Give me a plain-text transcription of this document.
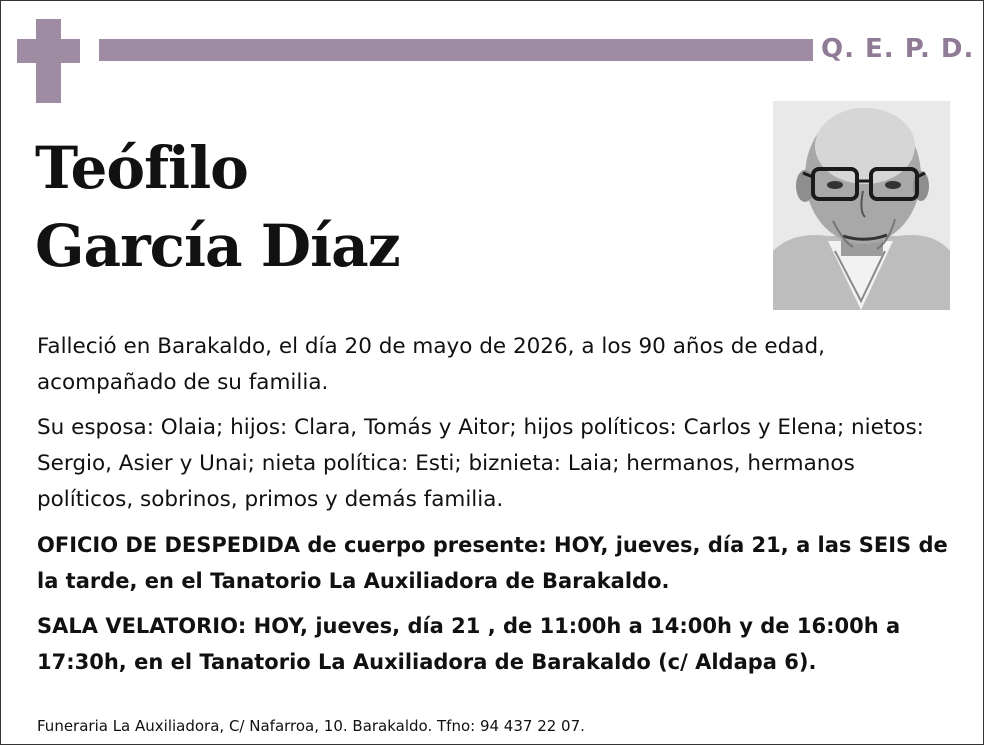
Q. E. P. D.
Teófilo
García Díaz

Falleció en Barakaldo, el día 20 de mayo de 2026, a los 90 años de edad, acompañado de su familia.

Su esposa: Olaia; hijos: Clara, Tomás y Aitor; hijos políticos: Carlos y Elena; nietos: Sergio, Asier y Unai; nieta política: Esti; biznieta: Laia; hermanos, hermanos políticos, sobrinos, primos y demás familia.

OFICIO DE DESPEDIDA de cuerpo presente: HOY, jueves, día 21, a las SEIS de la tarde, en el Tanatorio La Auxiliadora de Barakaldo.

SALA VELATORIO: HOY, jueves, día 21 , de 11:00h a 14:00h y de 16:00h a 17:30h, en el Tanatorio La Auxiliadora de Barakaldo (c/ Aldapa 6).

Funeraria La Auxiliadora, C/ Nafarroa, 10. Barakaldo. Tfno: 94 437 22 07.
